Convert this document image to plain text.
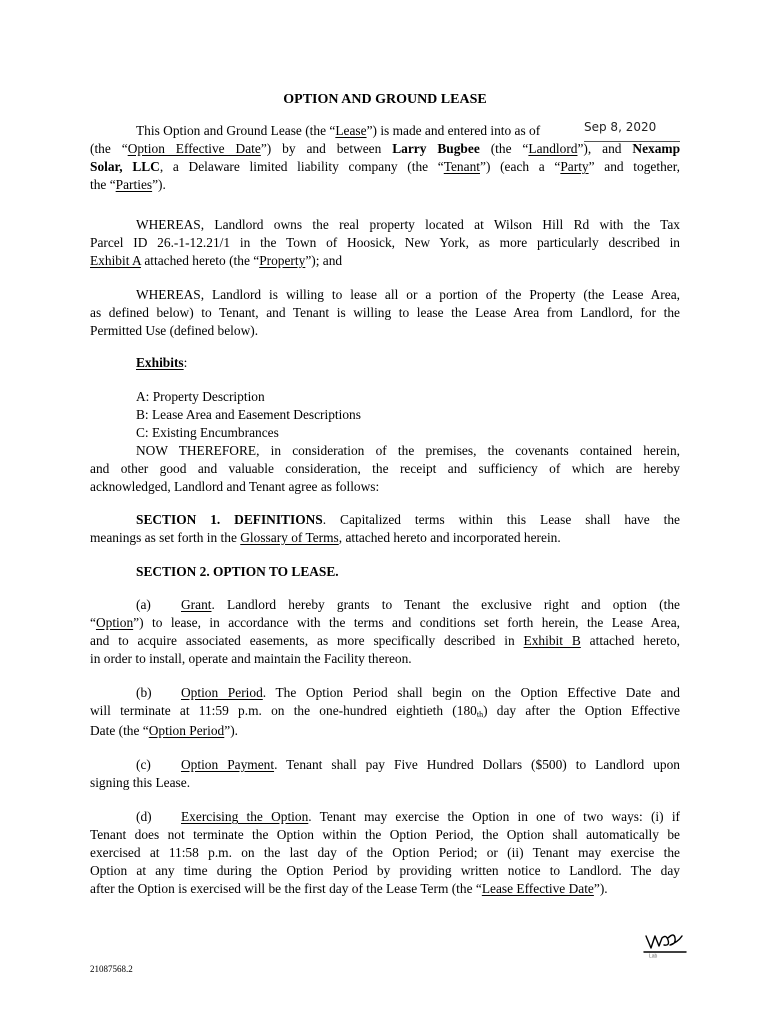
OPTION AND GROUND LEASE
Sep 8, 2020
This Option and Ground Lease (the “Lease”) is made and entered into as of
(the “Option Effective Date”) by and between Larry Bugbee (the “Landlord”), and Nexamp
Solar, LLC, a Delaware limited liability company (the “Tenant”) (each a “Party” and together,
the “Parties”).
WHEREAS, Landlord owns the real property located at Wilson Hill Rd with the Tax
Parcel ID 26.-1-12.21/1 in the Town of Hoosick, New York, as more particularly described in
Exhibit A attached hereto (the “Property”); and
WHEREAS, Landlord is willing to lease all or a portion of the Property (the Lease Area,
as defined below) to Tenant, and Tenant is willing to lease the Lease Area from Landlord, for the
Permitted Use (defined below).
Exhibits:
A: Property Description
B: Lease Area and Easement Descriptions
C: Existing Encumbrances
NOW THEREFORE, in consideration of the premises, the covenants contained herein,
and other good and valuable consideration, the receipt and sufficiency of which are hereby
acknowledged, Landlord and Tenant agree as follows:
SECTION 1. DEFINITIONS. Capitalized terms within this Lease shall have the
meanings as set forth in the Glossary of Terms, attached hereto and incorporated herein.
SECTION 2. OPTION TO LEASE.
(a) Grant. Landlord hereby grants to Tenant the exclusive right and option (the
“Option”) to lease, in accordance with the terms and conditions set forth herein, the Lease Area,
and to acquire associated easements, as more specifically described in Exhibit B attached hereto,
in order to install, operate and maintain the Facility thereon.
(b) Option Period. The Option Period shall begin on the Option Effective Date and
will terminate at 11:59 p.m. on the one-hundred eightieth (180th) day after the Option Effective
Date (the “Option Period”).
(c) Option Payment. Tenant shall pay Five Hundred Dollars ($500) to Landlord upon
signing this Lease.
(d) Exercising the Option. Tenant may exercise the Option in one of two ways: (i) if
Tenant does not terminate the Option within the Option Period, the Option shall automatically be
exercised at 11:58 p.m. on the last day of the Option Period; or (ii) Tenant may exercise the
Option at any time during the Option Period by providing written notice to Landlord. The day
after the Option is exercised will be the first day of the Lease Term (the “Lease Effective Date”).
Lab
21087568.2
